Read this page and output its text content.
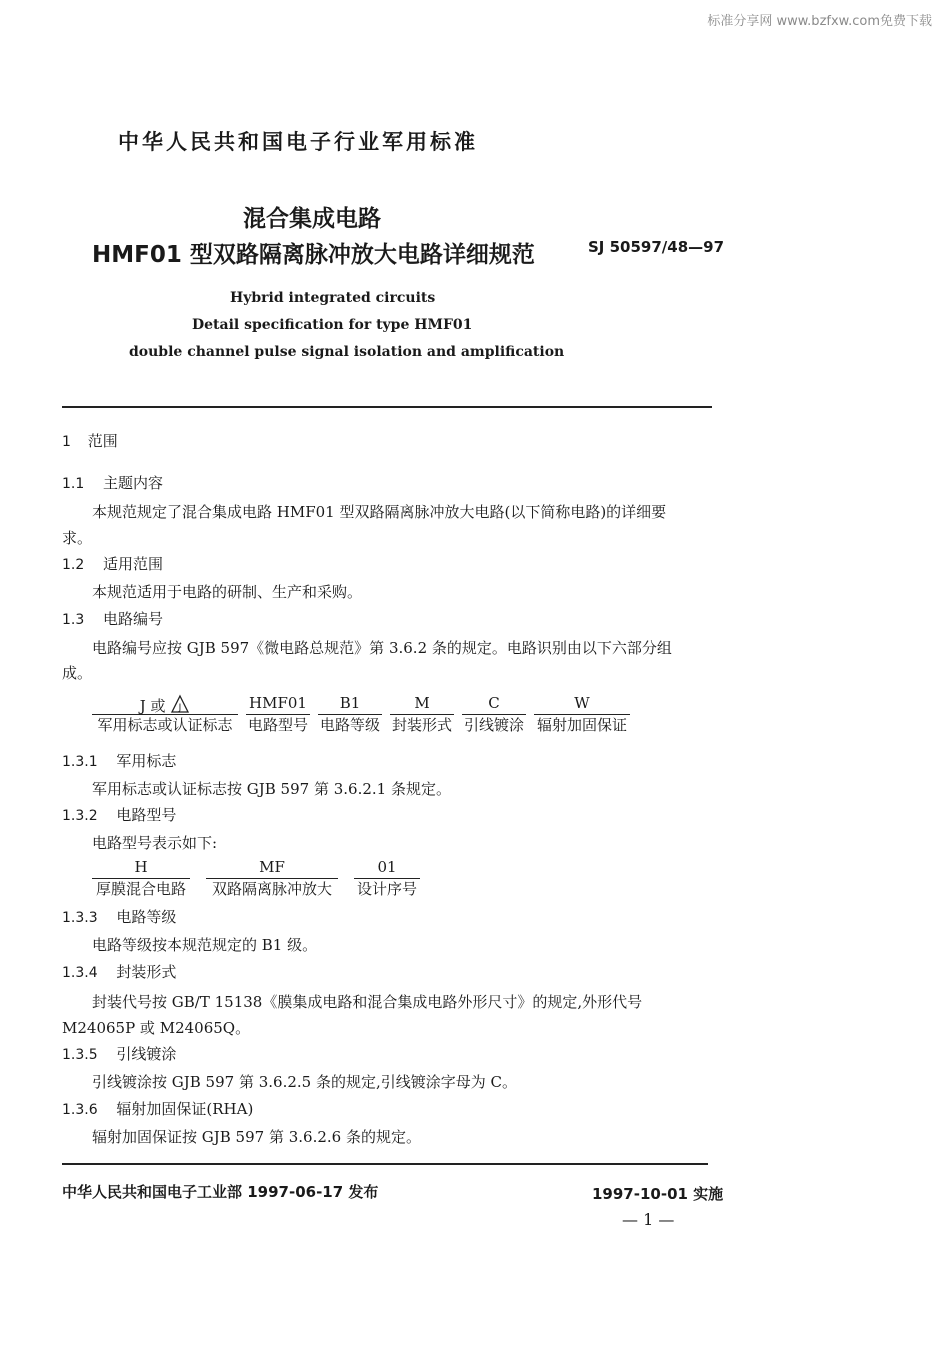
标准分享网 www.bzfxw.com免费下载
中华人民共和国电子行业军用标准
混合集成电路
HMF01 型双路隔离脉冲放大电路详细规范	SJ 50597/48—97
Hybrid integrated circuits
Detail specification for type HMF01
double channel pulse signal isolation and amplification
1 范围
1.1 主题内容
本规范规定了混合集成电路 HMF01 型双路隔离脉冲放大电路(以下简称电路)的详细要
求。
1.2 适用范围
本规范适用于电路的研制、生产和采购。
1.3 电路编号
电路编号应按 GJB 597《微电路总规范》第 3.6.2 条的规定。电路识别由以下六部分组
成。
J 或 J
军用标志或认证标志
HMF01
电路型号
B1
电路等级
M
封装形式
C
引线镀涂
W
辐射加固保证
1.3.1 军用标志
军用标志或认证标志按 GJB 597 第 3.6.2.1 条规定。
1.3.2 电路型号
电路型号表示如下:
H
厚膜混合电路
MF
双路隔离脉冲放大
01
设计序号
1.3.3 电路等级
电路等级按本规范规定的 B1 级。
1.3.4 封装形式
封装代号按 GB/T 15138《膜集成电路和混合集成电路外形尺寸》的规定,外形代号
M24065P 或 M24065Q。
1.3.5 引线镀涂
引线镀涂按 GJB 597 第 3.6.2.5 条的规定,引线镀涂字母为 C。
1.3.6 辐射加固保证(RHA)
辐射加固保证按 GJB 597 第 3.6.2.6 条的规定。
中华人民共和国电子工业部 1997-06-17 发布	1997-10-01 实施
— 1 —
